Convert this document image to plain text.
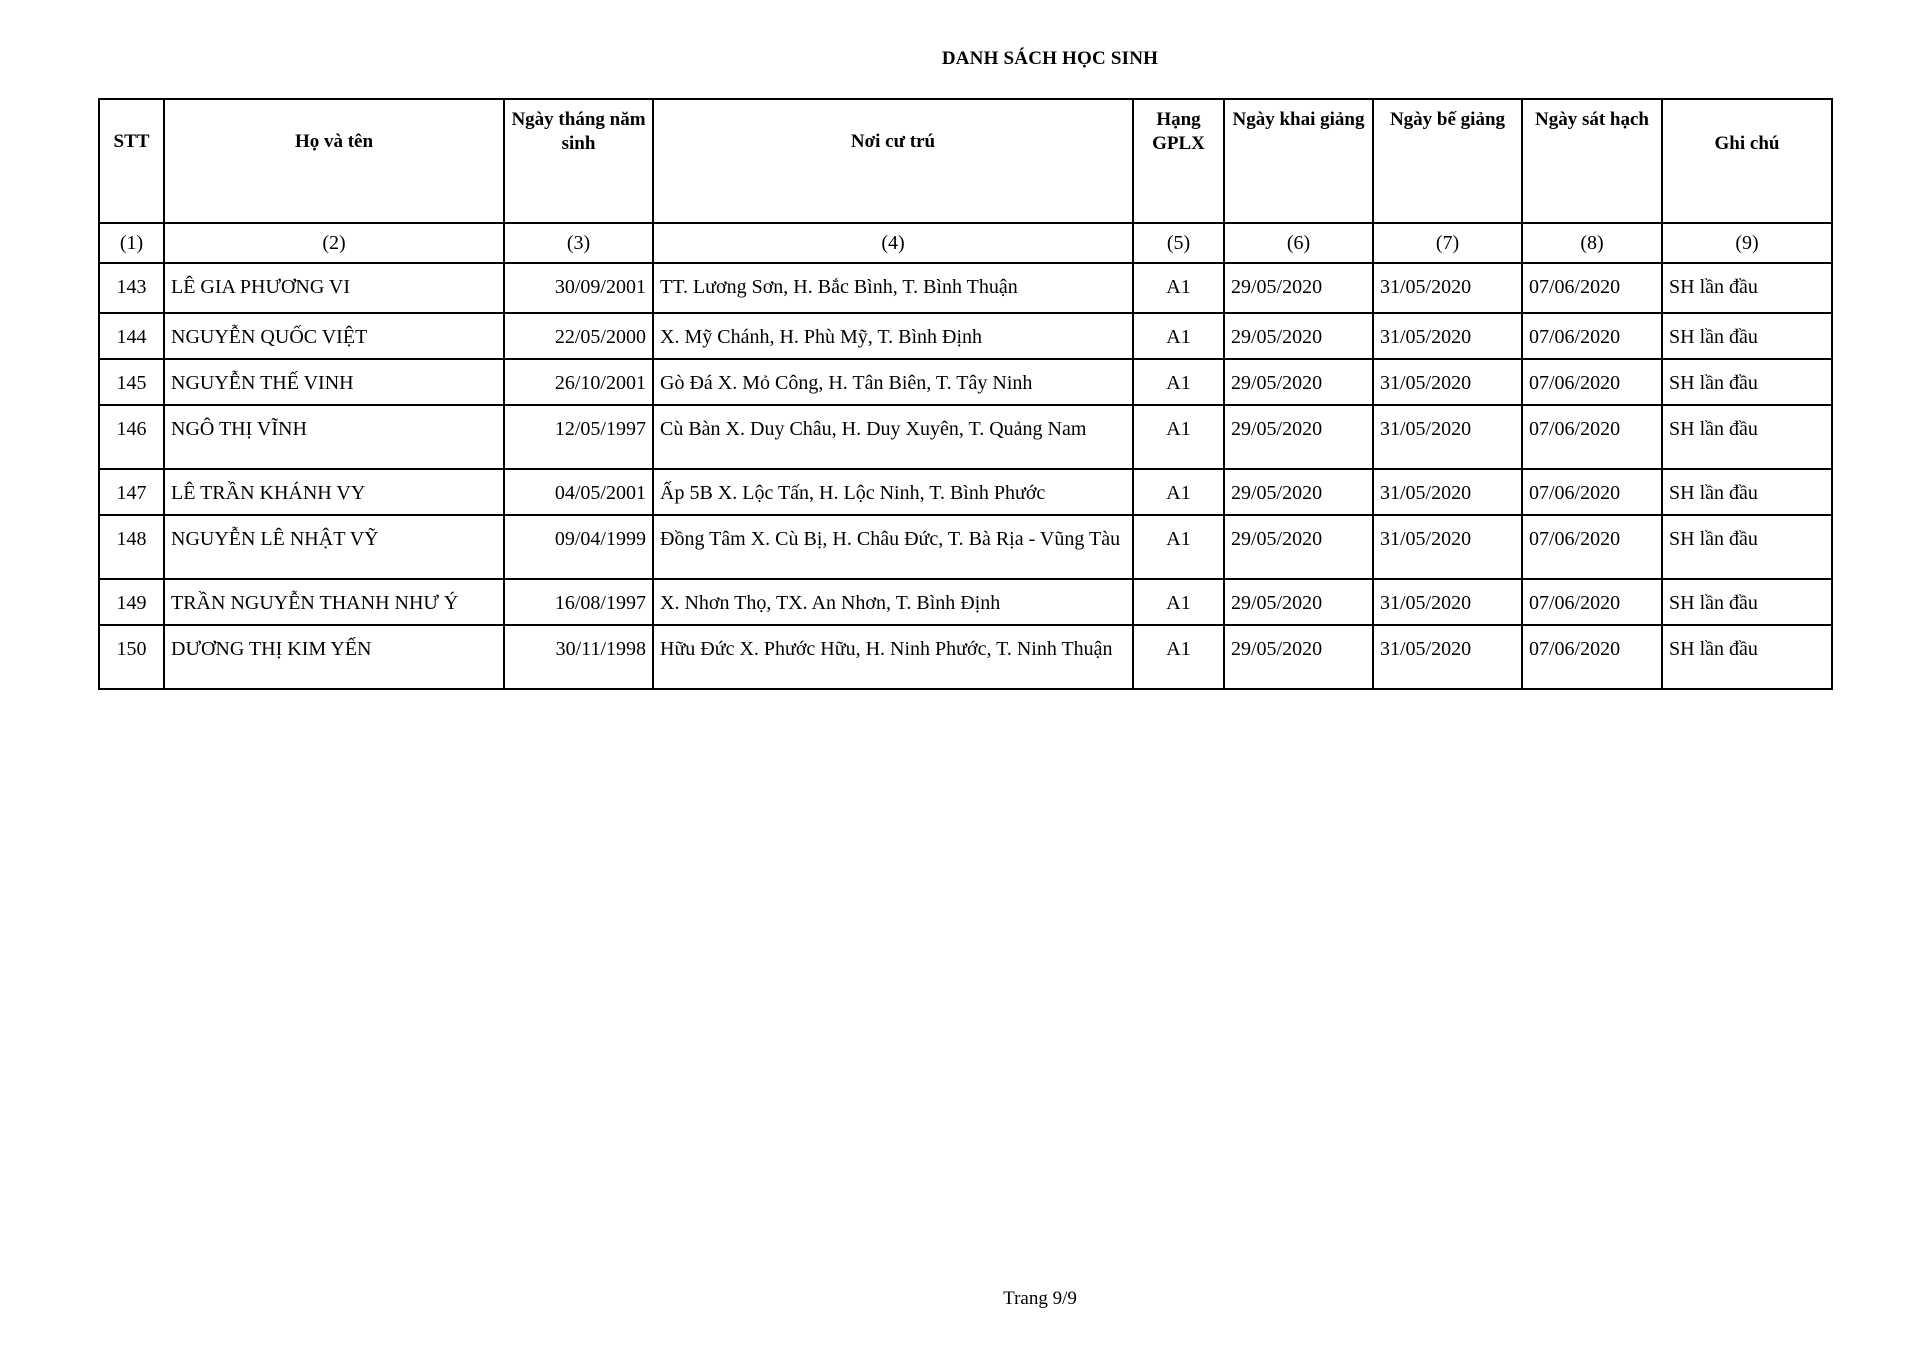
DANH SÁCH HỌC SINH
STT	Họ và tên	Ngày tháng năm sinh	Nơi cư trú	Hạng GPLX	Ngày khai giảng	Ngày bế giảng	Ngày sát hạch	Ghi chú
(1)	(2)	(3)	(4)	(5)	(6)	(7)	(8)	(9)
143	LÊ GIA PHƯƠNG VI	30/09/2001	TT. Lương Sơn, H. Bắc Bình, T. Bình Thuận	A1	29/05/2020	31/05/2020	07/06/2020	SH lần đầu
144	NGUYỄN QUỐC VIỆT	22/05/2000	X. Mỹ Chánh, H. Phù Mỹ, T. Bình Định	A1	29/05/2020	31/05/2020	07/06/2020	SH lần đầu
145	NGUYỄN THẾ VINH	26/10/2001	Gò Đá X. Mỏ Công, H. Tân Biên, T. Tây Ninh	A1	29/05/2020	31/05/2020	07/06/2020	SH lần đầu
146	NGÔ THỊ VĨNH	12/05/1997	Cù Bàn X. Duy Châu, H. Duy Xuyên, T. Quảng Nam	A1	29/05/2020	31/05/2020	07/06/2020	SH lần đầu
147	LÊ TRẦN KHÁNH VY	04/05/2001	Ấp 5B X. Lộc Tấn, H. Lộc Ninh, T. Bình Phước	A1	29/05/2020	31/05/2020	07/06/2020	SH lần đầu
148	NGUYỄN LÊ NHẬT VỸ	09/04/1999	Đồng Tâm X. Cù Bị, H. Châu Đức, T. Bà Rịa - Vũng Tàu	A1	29/05/2020	31/05/2020	07/06/2020	SH lần đầu
149	TRẦN NGUYỄN THANH NHƯ Ý	16/08/1997	X. Nhơn Thọ, TX. An Nhơn, T. Bình Định	A1	29/05/2020	31/05/2020	07/06/2020	SH lần đầu
150	DƯƠNG THỊ KIM YẾN	30/11/1998	Hữu Đức X. Phước Hữu, H. Ninh Phước, T. Ninh Thuận	A1	29/05/2020	31/05/2020	07/06/2020	SH lần đầu
Trang 9/9
